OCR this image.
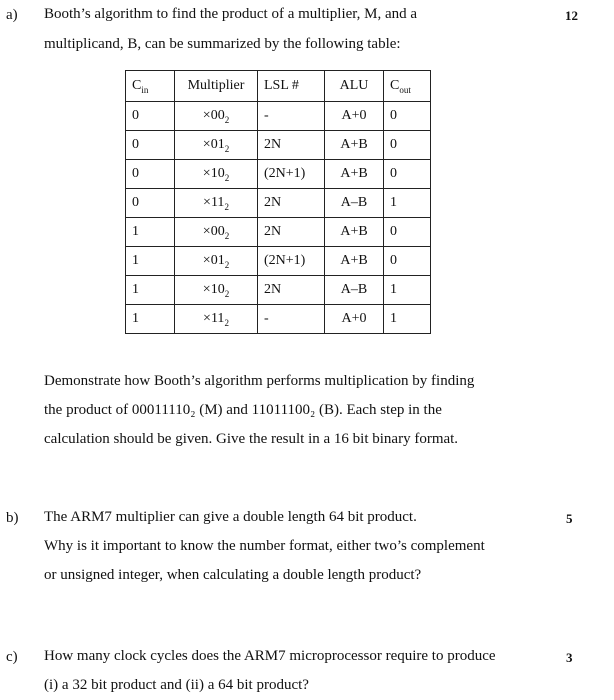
a) Booth’s algorithm to find the product of a multiplier, M, and a
multiplicand, B, can be summarized by the following table:
12
$C_{in}$	Multiplier	LSL #	ALU	$C_{out}$
0	$\times 00_2$	-	A+0	0
0	$\times 01_2$	2N	A+B	0
0	$\times 10_2$	(2N+1)	A+B	0
0	$\times 11_2$	2N	A–B	1
1	$\times 00_2$	2N	A+B	0
1	$\times 01_2$	(2N+1)	A+B	0
1	$\times 10_2$	2N	A–B	1
1	$\times 11_2$	-	A+0	1
Demonstrate how Booth’s algorithm performs multiplication by finding
the product of 00011110₂ (M) and 11011100₂ (B). Each step in the
calculation should be given. Give the result in a 16 bit binary format.
b) The ARM7 multiplier can give a double length 64 bit product.
Why is it important to know the number format, either two’s complement
or unsigned integer, when calculating a double length product?
5
c) How many clock cycles does the ARM7 microprocessor require to produce
(i) a 32 bit product and (ii) a 64 bit product?
3
